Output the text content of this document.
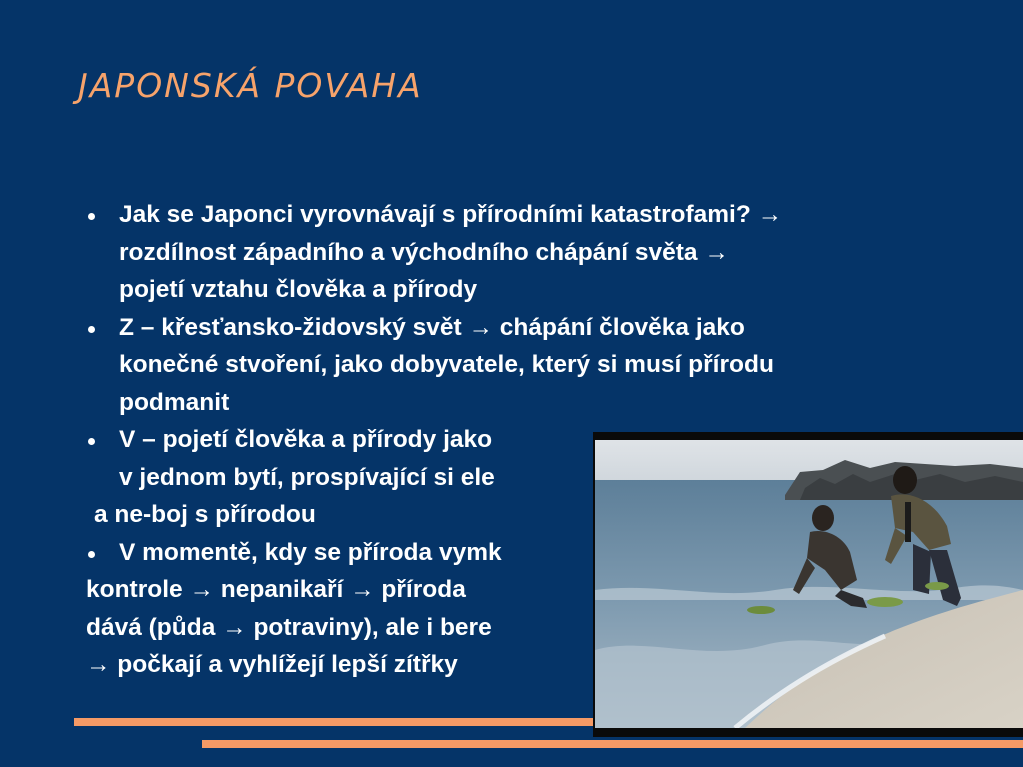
JAPONSKÁ POVAHA
Jak se Japonci vyrovnávají s přírodními katastrofami? →
rozdílnost západního a východního chápání světa →
pojetí vztahu člověka a přírody
Z – křesťansko-židovský svět → chápání člověka jako
konečné stvoření, jako dobyvatele, který si musí přírodu
podmanit
V – pojetí člověka a přírody jako
v jednom bytí, prospívající si ele
a ne-boj s přírodou
V momentě, kdy se příroda vymk
kontrole → nepanikaří → příroda
dává (půda → potraviny), ale i bere
→ počkají a vyhlížejí lepší zítřky
